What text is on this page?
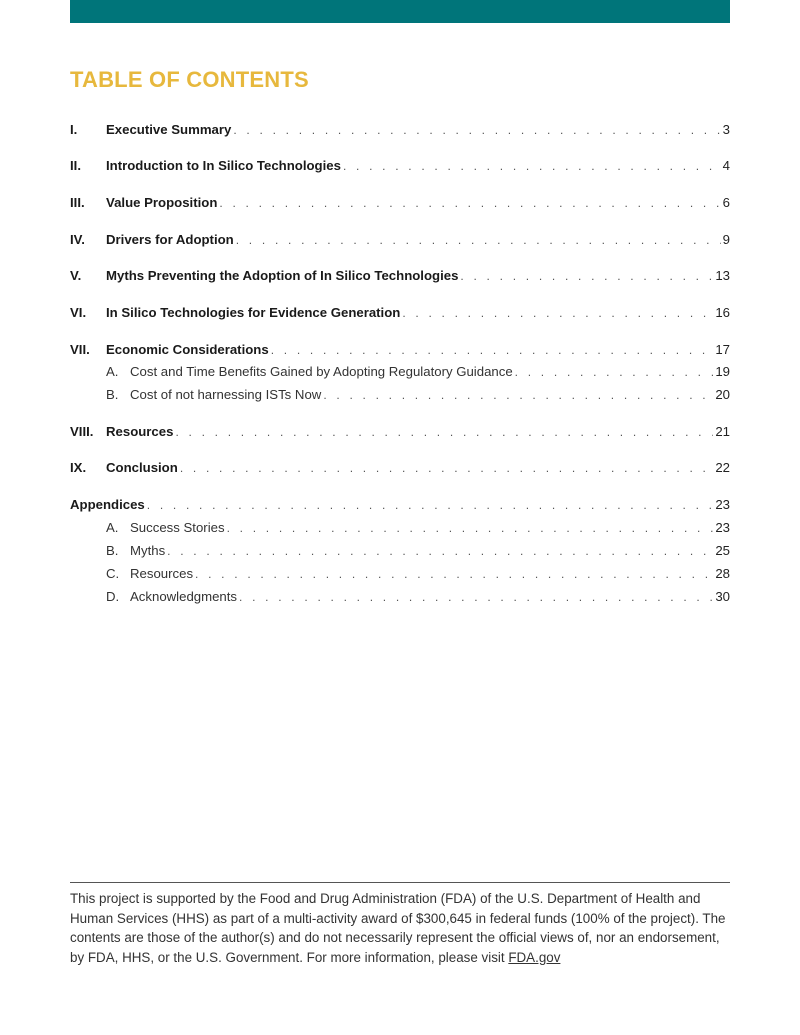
TABLE OF CONTENTS
I.	Executive Summary . . .	3
II.	Introduction to In Silico Technologies . . .	4
III.	Value Proposition . . .	6
IV.	Drivers for Adoption . . .	9
V.	Myths Preventing the Adoption of In Silico Technologies . . .	13
VI.	In Silico Technologies for Evidence Generation . . .	16
VII.	Economic Considerations . . .	17
A. Cost and Time Benefits Gained by Adopting Regulatory Guidance . . .	19
B. Cost of not harnessing ISTs Now . . .	20
VIII. Resources . . .	21
IX.	Conclusion . . .	22
Appendices . . .	23
A. Success Stories . . .	23
B. Myths . . .	25
C. Resources . . .	28
D. Acknowledgments . . .	30

This project is supported by the Food and Drug Administration (FDA) of the U.S. Department of Health and Human Services (HHS) as part of a multi-activity award of $300,645 in federal funds (100% of the project). The contents are those of the author(s) and do not necessarily represent the official views of, nor an endorsement, by FDA, HHS, or the U.S. Government. For more information, please visit FDA.gov
